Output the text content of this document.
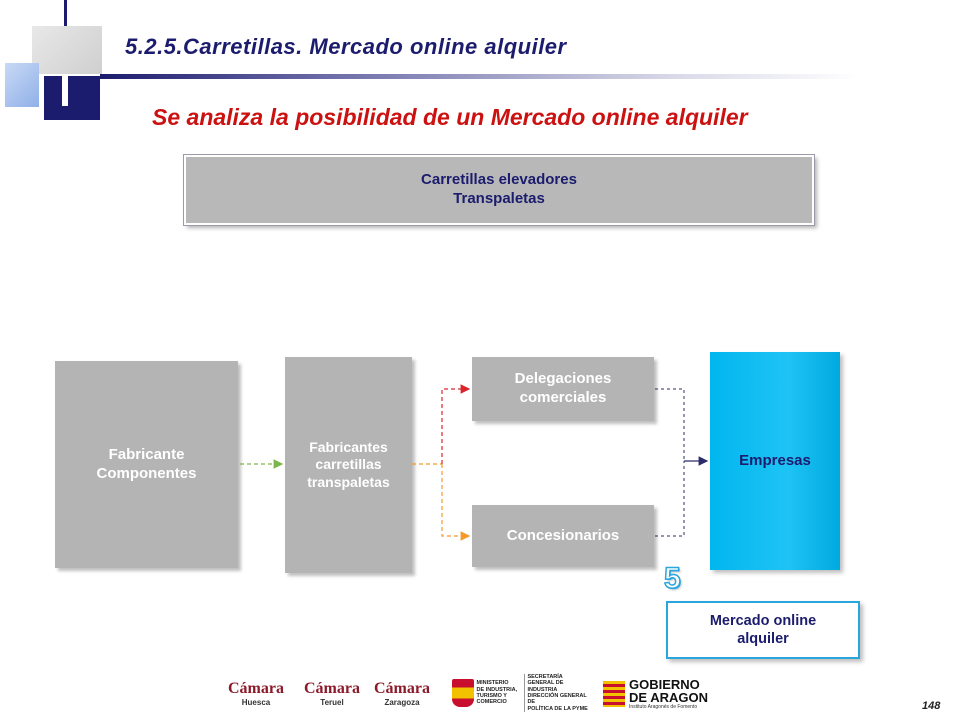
5.2.5.Carretillas. Mercado online alquiler
Se analiza la posibilidad de un Mercado online alquiler
Carretillas elevadores
Transpaletas
Fabricante
Componentes
Fabricantes
carretillas
transpaletas
Delegaciones
comerciales
Concesionarios
Empresas
5
Mercado online
alquiler
Cámara
Huesca
Cámara
Teruel
Cámara
Zaragoza
MINISTERIO
DE INDUSTRIA,
TURISMO Y
COMERCIO
SECRETARÍA GENERAL DE
INDUSTRIA
DIRECCIÓN GENERAL DE
POLÍTICA DE LA PYME
GOBIERNO
DE ARAGON
Instituto Aragonés de Fomento	148
